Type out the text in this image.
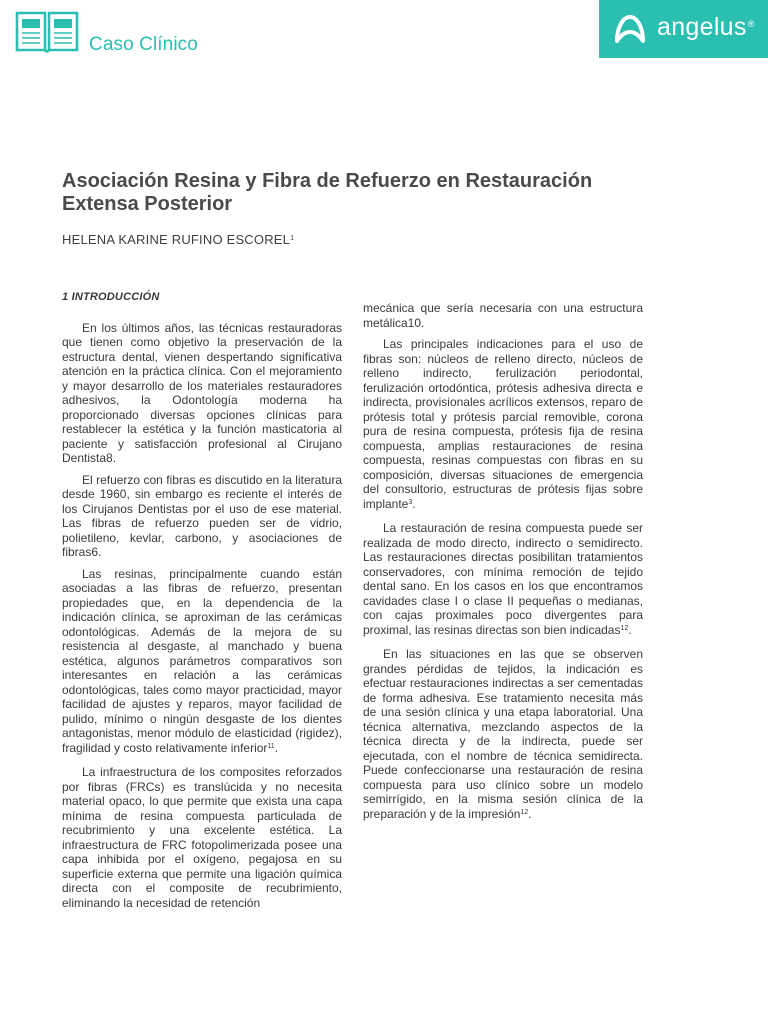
Caso Clínico
angelus®
Asociación Resina y Fibra de Refuerzo en Restauración Extensa Posterior
HELENA KARINE RUFINO ESCOREL$^1$
1 INTRODUCCIÓN

En los últimos años, las técnicas restauradoras que tienen como objetivo la preservación de la estructura dental, vienen despertando significativa atención en la práctica clínica. Con el mejoramiento y mayor desarrollo de los materiales restauradores adhesivos, la Odontología moderna ha proporcionado diversas opciones clínicas para restablecer la estética y la función masticatoria al paciente y satisfacción profesional al Cirujano Dentista8.

El refuerzo con fibras es discutido en la literatura desde 1960, sin embargo es reciente el interés de los Cirujanos Dentistas por el uso de ese material. Las fibras de refuerzo pueden ser de vidrio, polietileno, kevlar, carbono, y asociaciones de fibras6.

Las resinas, principalmente cuando están asociadas a las fibras de refuerzo, presentan propiedades que, en la dependencia de la indicación clínica, se aproximan de las cerámicas odontológicas. Además de la mejora de su resistencia al desgaste, al manchado y buena estética, algunos parámetros comparativos son interesantes en relación a las cerámicas odontológicas, tales como mayor practicidad, mayor facilidad de ajustes y reparos, mayor facilidad de pulido, mínimo o ningún desgaste de los dientes antagonistas, menor módulo de elasticidad (rigidez), fragilidad y costo relativamente inferior$^{11}$.

La infraestructura de los composites reforzados por fibras (FRCs) es translúcida y no necesita material opaco, lo que permite que exista una capa mínima de resina compuesta particulada de recubrimiento y una excelente estética. La infraestructura de FRC fotopolimerizada posee una capa inhibida por el oxígeno, pegajosa en su superficie externa que permite una ligación química directa con el composite de recubrimiento, eliminando la necesidad de retención

mecánica que sería necesaria con una estructura metálica10.

Las principales indicaciones para el uso de fibras son: núcleos de relleno directo, núcleos de relleno indirecto, ferulización periodontal, ferulización ortodóntica, prótesis adhesiva directa e indirecta, provisionales acrílicos extensos, reparo de prótesis total y prótesis parcial removible, corona pura de resina compuesta, prótesis fija de resina compuesta, amplias restauraciones de resina compuesta, resinas compuestas con fibras en su composición, diversas situaciones de emergencia del consultorio, estructuras de prótesis fijas sobre implante$^3$.

La restauración de resina compuesta puede ser realizada de modo directo, indirecto o semidirecto. Las restauraciones directas posibilitan tratamientos conservadores, con mínima remoción de tejido dental sano. En los casos en los que encontramos cavidades clase I o clase II pequeñas o medianas, con cajas proximales poco divergentes para proximal, las resinas directas son bien indicadas$^{12}$.

En las situaciones en las que se observen grandes pérdidas de tejidos, la indicación es efectuar restauraciones indirectas a ser cementadas de forma adhesiva. Ese tratamiento necesita más de una sesión clínica y una etapa laboratorial. Una técnica alternativa, mezclando aspectos de la técnica directa y de la indirecta, puede ser ejecutada, con el nombre de técnica semidirecta. Puede confeccionarse una restauración de resina compuesta para uso clínico sobre un modelo semirrígido, en la misma sesión clínica de la preparación y de la impresión$^{12}$.
